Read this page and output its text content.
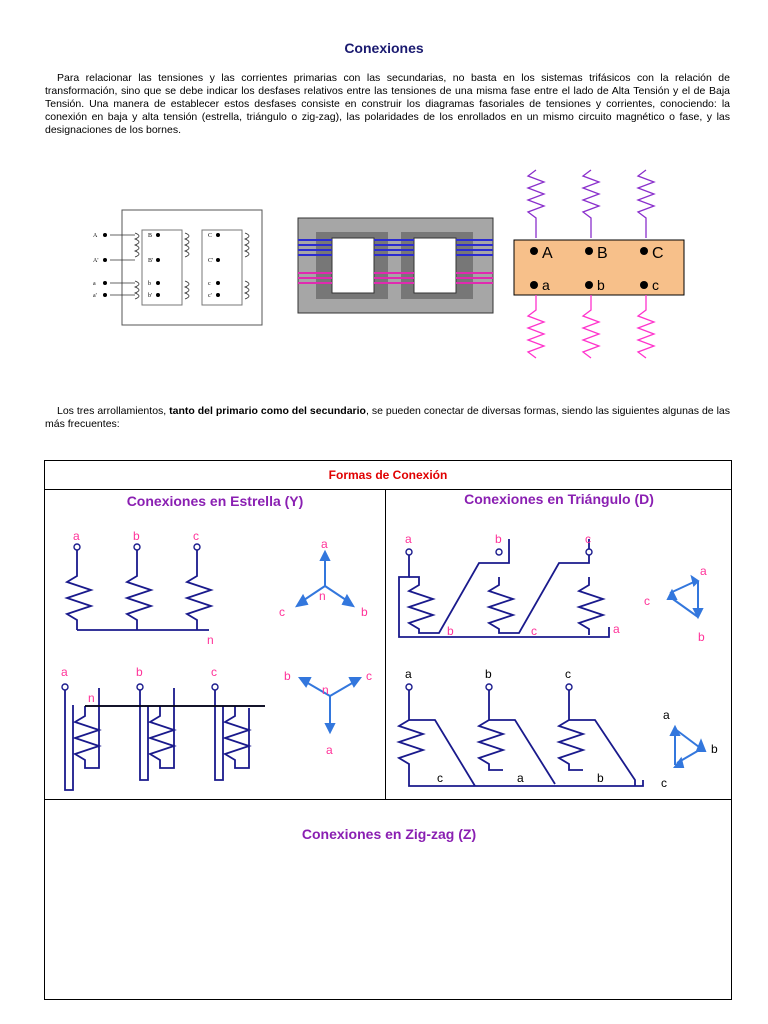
Conexiones
Para relacionar las tensiones y las corrientes primarias con las secundarias, no basta en los sistemas trifásicos con la relación de transformación, sino que se debe indicar los desfases relativos entre las tensiones de una misma fase entre el lado de Alta Tensión y el de Baja Tensión. Una manera de establecer estos desfases consiste en construir los diagramas fasoriales de tensiones y corrientes, conociendo: la conexión en baja y alta tensión (estrella, triángulo o zig-zag), las polaridades de los enrollados en un mismo circuito magnético o fase, y las designaciones de los bornes.
A
A'
a
a'
B
B'
b
b'
C
C'
c
c'
A	B	C
a	b	c
Los tres arrollamientos, tanto del primario como del secundario, se pueden conectar de diversas formas, siendo las siguientes algunas de las más frecuentes:
Formas de Conexión
Conexiones en Estrella (Y)	Conexiones en Triángulo (D)
Conexiones en Zig-zag (Z)
a	b	c
n
a
c	b
n
a	b	c
n
b	c
a
n
a	b	c
b	c	a
a
c
b
a	b	c
c	a	b
a
b
c
